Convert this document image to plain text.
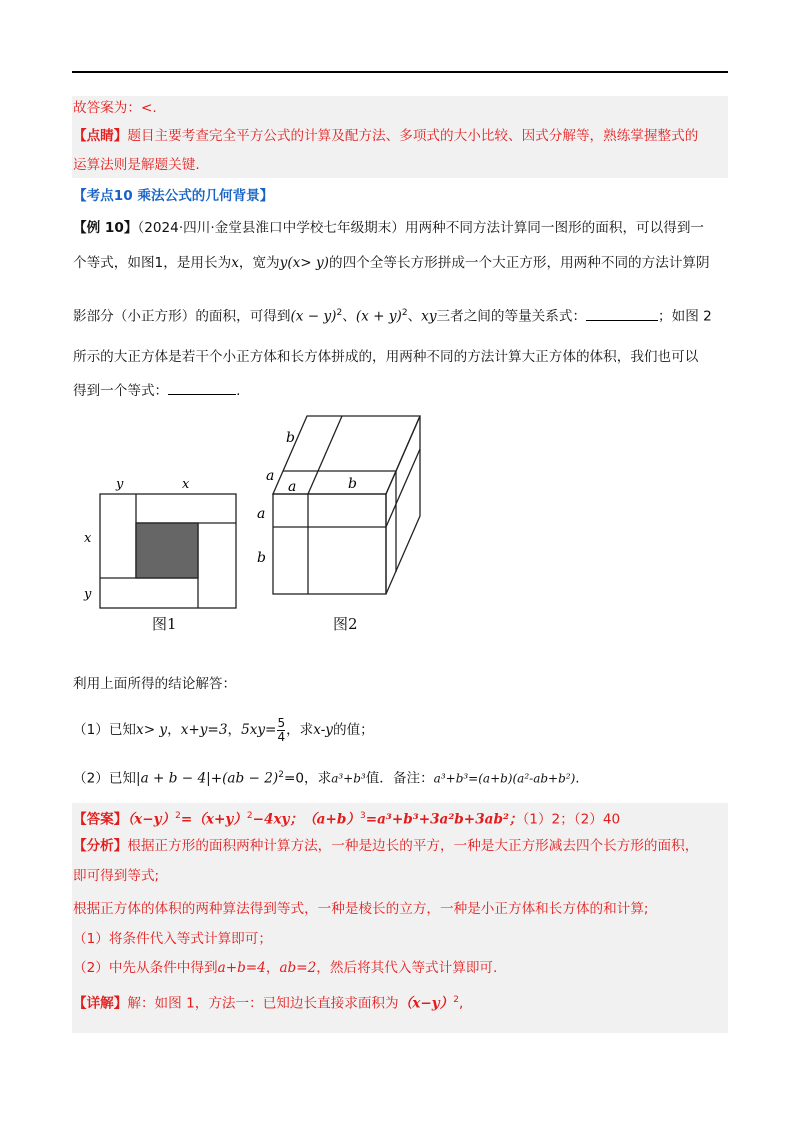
故答案为：<.
【点睛】题目主要考查完全平方公式的计算及配方法、多项式的大小比较、因式分解等，熟练掌握整式的
运算法则是解题关键.
【考点10 乘法公式的几何背景】
【例 10】（2024·四川·金堂县淮口中学校七年级期末）用两种不同方法计算同一图形的面积，可以得到一
个等式，如图1，是用长为x，宽为y(x> y)的四个全等长方形拼成一个大正方形，用两种不同的方法计算阴
影部分（小正方形）的面积，可得到$(x - y)^2$、$(x + y)^2$、xy三者之间的等量关系式：	；如图 2
所示的大正方体是若干个小正方体和长方体拼成的，用两种不同的方法计算大正方体的体积，我们也可以
得到一个等式：	.
y	x
x
y
图1
b
a
a	b
a
b
图2
利用上面所得的结论解答：
（1）已知x> y，x+y=3，$5xy= \frac{5}{4}$ ，求x-y的值；
（2）已知|a + b − 4|+(ab − 2)$^2$=0，求a³+b³值．备注：a³+b³=(a+b)(a²-ab+b²).
【答案】$(x-y)^2=(x+y)^2-4xy$；$(a+b)^3=a^3+b^3+3a^2b+3ab^2$；（1）2；（2）40
【分析】根据正方形的面积两种计算方法，一种是边长的平方，一种是大正方形减去四个长方形的面积，
即可得到等式;
根据正方体的体积的两种算法得到等式，一种是棱长的立方，一种是小正方体和长方体的和计算;
（1）将条件代入等式计算即可；
（2）中先从条件中得到a+b=4，ab=2，然后将其代入等式计算即可.
【详解】解：如图 1，方法一：已知边长直接求面积为$(x-y)^2$,
